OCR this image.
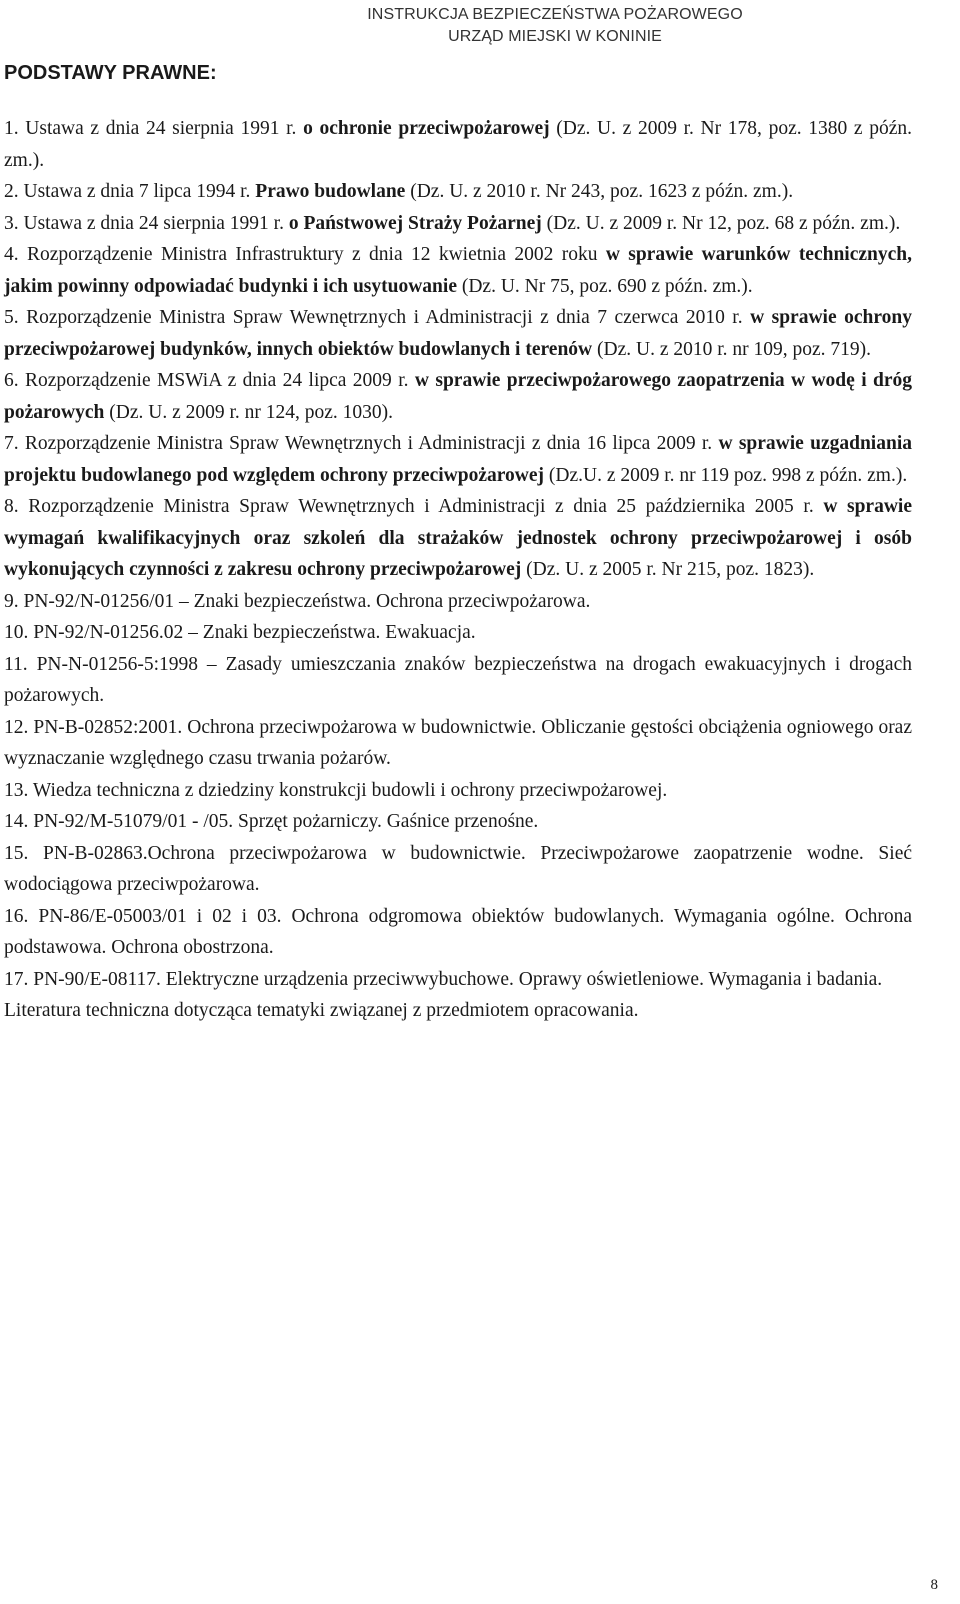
INSTRUKCJA BEZPIECZEŃSTWA POŻAROWEGO
URZĄD MIEJSKI W KONINIE
PODSTAWY PRAWNE:

1. Ustawa z dnia 24 sierpnia 1991 r. o ochronie przeciwpożarowej (Dz. U. z 2009 r. Nr 178, poz. 1380 z późn. zm.).

2. Ustawa z dnia 7 lipca 1994 r. Prawo budowlane (Dz. U. z 2010 r. Nr 243, poz. 1623 z późn. zm.).

3. Ustawa z dnia 24 sierpnia 1991 r. o Państwowej Straży Pożarnej (Dz. U. z 2009 r. Nr 12, poz. 68 z późn. zm.).

4. Rozporządzenie Ministra Infrastruktury z dnia 12 kwietnia 2002 roku w sprawie warunków technicznych, jakim powinny odpowiadać budynki i ich usytuowanie (Dz. U. Nr 75, poz. 690 z późn. zm.).

5. Rozporządzenie Ministra Spraw Wewnętrznych i Administracji z dnia 7 czerwca 2010 r. w sprawie ochrony przeciwpożarowej budynków, innych obiektów budowlanych i terenów (Dz. U. z 2010 r. nr 109, poz. 719).

6. Rozporządzenie MSWiA z dnia 24 lipca 2009 r. w sprawie przeciwpożarowego zaopatrzenia w wodę i dróg pożarowych (Dz. U. z 2009 r. nr 124, poz. 1030).

7. Rozporządzenie Ministra Spraw Wewnętrznych i Administracji z dnia 16 lipca 2009 r. w sprawie uzgadniania projektu budowlanego pod względem ochrony przeciwpożarowej (Dz.U. z 2009 r. nr 119 poz. 998 z późn. zm.).

8. Rozporządzenie Ministra Spraw Wewnętrznych i Administracji z dnia 25 października 2005 r. w sprawie wymagań kwalifikacyjnych oraz szkoleń dla strażaków jednostek ochrony przeciwpożarowej i osób wykonujących czynności z zakresu ochrony przeciwpożarowej (Dz. U. z 2005 r. Nr 215, poz. 1823).

9. PN-92/N-01256/01 – Znaki bezpieczeństwa. Ochrona przeciwpożarowa.

10. PN-92/N-01256.02 – Znaki bezpieczeństwa. Ewakuacja.

11. PN-N-01256-5:1998 – Zasady umieszczania znaków bezpieczeństwa na drogach ewakuacyjnych i drogach pożarowych.

12. PN-B-02852:2001. Ochrona przeciwpożarowa w budownictwie. Obliczanie gęstości obciążenia ogniowego oraz wyznaczanie względnego czasu trwania pożarów.

13. Wiedza techniczna z dziedziny konstrukcji budowli i ochrony przeciwpożarowej.

14. PN-92/M-51079/01 - /05. Sprzęt pożarniczy. Gaśnice przenośne.

15. PN-B-02863.Ochrona przeciwpożarowa w budownictwie. Przeciwpożarowe zaopatrzenie wodne. Sieć wodociągowa przeciwpożarowa.

16. PN-86/E-05003/01 i 02 i 03. Ochrona odgromowa obiektów budowlanych. Wymagania ogólne. Ochrona podstawowa. Ochrona obostrzona.

17. PN-90/E-08117. Elektryczne urządzenia przeciwwybuchowe. Oprawy oświetleniowe. Wymagania i badania.

Literatura techniczna dotycząca tematyki związanej z przedmiotem opracowania.

8
